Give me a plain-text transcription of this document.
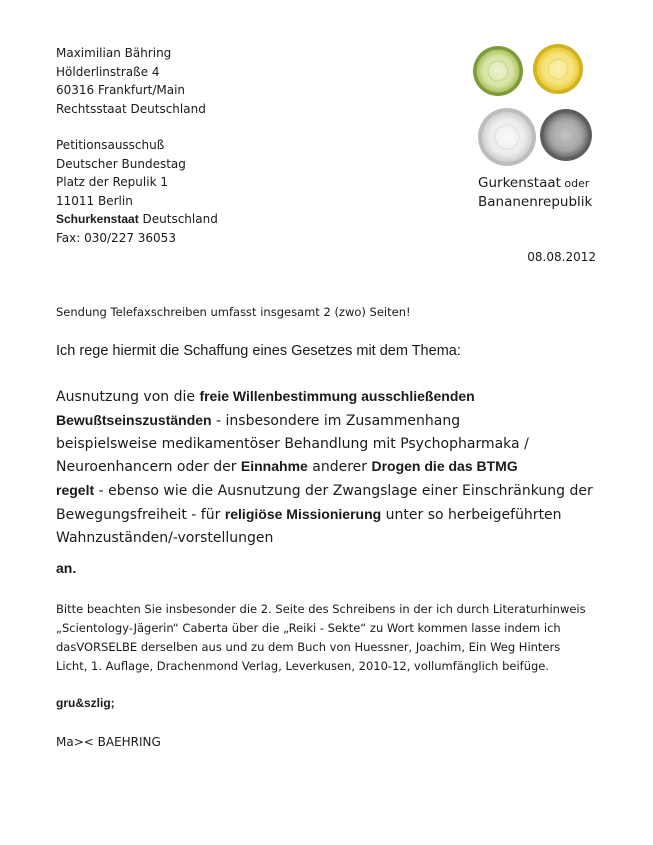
Maximilian Bähring
Hölderlinstraße 4
60316 Frankfurt/Main
Rechtsstaat Deutschland
Petitionsausschuß
Deutscher Bundestag
Platz der Repulik 1
11011 Berlin
Schurkenstaat Deutschland
Fax: 030/227 36053
Gurkenstaat oder
Bananenrepublik
08.08.2012
Sendung Telefaxschreiben umfasst insgesamt 2 (zwo) Seiten!
Ich rege hiermit die Schaffung eines Gesetzes mit dem Thema:
Ausnutzung von die freie Willenbestimmung ausschließenden
Bewußtseinszuständen - insbesondere im Zusammenhang
beispielsweise medikamentöser Behandlung mit Psychopharmaka /
Neuroenhancern oder der Einnahme anderer Drogen die das BTMG
regelt - ebenso wie die Ausnutzung der Zwangslage einer Einschränkung der
Bewegungsfreiheit - für religiöse Missionierung unter so herbeigeführten
Wahnzuständen/-vorstellungen
an.
Bitte beachten Sie insbesonder die 2. Seite des Schreibens in der ich durch Literaturhinweis
„Scientology-Jägerin“ Caberta über die „Reiki - Sekte“ zu Wort kommen lasse indem ich
dasVORSELBE derselben aus und zu dem Buch von Huessner, Joachim, Ein Weg Hinters
Licht, 1. Auflage, Drachenmond Verlag, Leverkusen, 2010-12, vollumfänglich beifüge.
gru&szlig;
Ma>< BAEHRING
